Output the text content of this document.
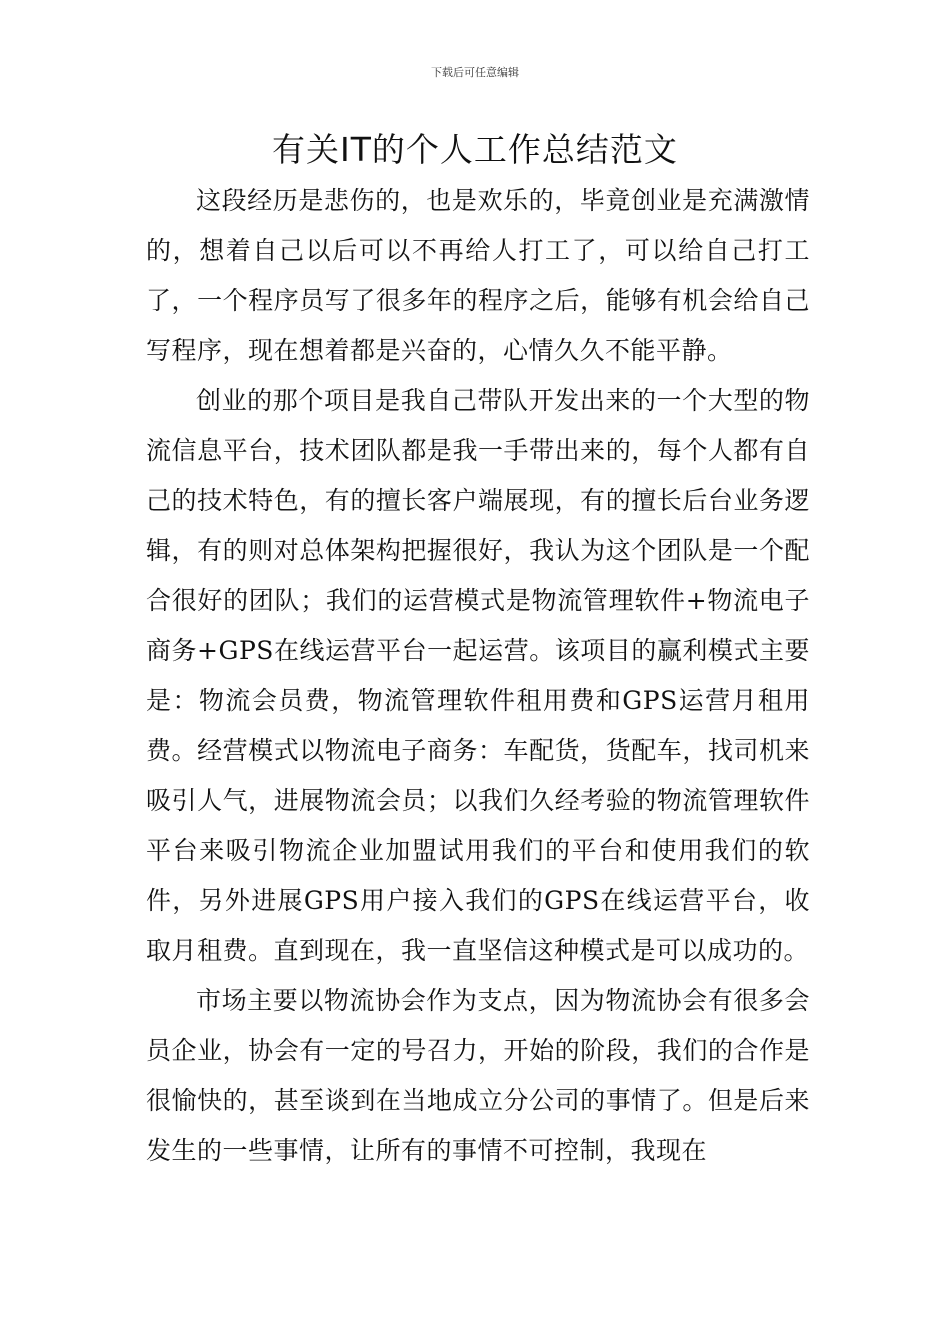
下载后可任意编辑
有关IT的个人工作总结范文

这段经历是悲伤的，也是欢乐的，毕竟创业是充满激情的，想着自己以后可以不再给人打工了，可以给自己打工了，一个程序员写了很多年的程序之后，能够有机会给自己写程序，现在想着都是兴奋的，心情久久不能平静。

创业的那个项目是我自己带队开发出来的一个大型的物流信息平台，技术团队都是我一手带出来的，每个人都有自己的技术特色，有的擅长客户端展现，有的擅长后台业务逻辑，有的则对总体架构把握很好，我认为这个团队是一个配合很好的团队；我们的运营模式是物流管理软件+物流电子商务+GPS在线运营平台一起运营。该项目的赢利模式主要是：物流会员费，物流管理软件租用费和GPS运营月租用费。经营模式以物流电子商务：车配货，货配车，找司机来吸引人气，进展物流会员；以我们久经考验的物流管理软件平台来吸引物流企业加盟试用我们的平台和使用我们的软件，另外进展GPS用户接入我们的GPS在线运营平台，收取月租费。直到现在，我一直坚信这种模式是可以成功的。

市场主要以物流协会作为支点，因为物流协会有很多会员企业，协会有一定的号召力，开始的阶段，我们的合作是很愉快的，甚至谈到在当地成立分公司的事情了。但是后来发生的一些事情，让所有的事情不可控制，我现在
